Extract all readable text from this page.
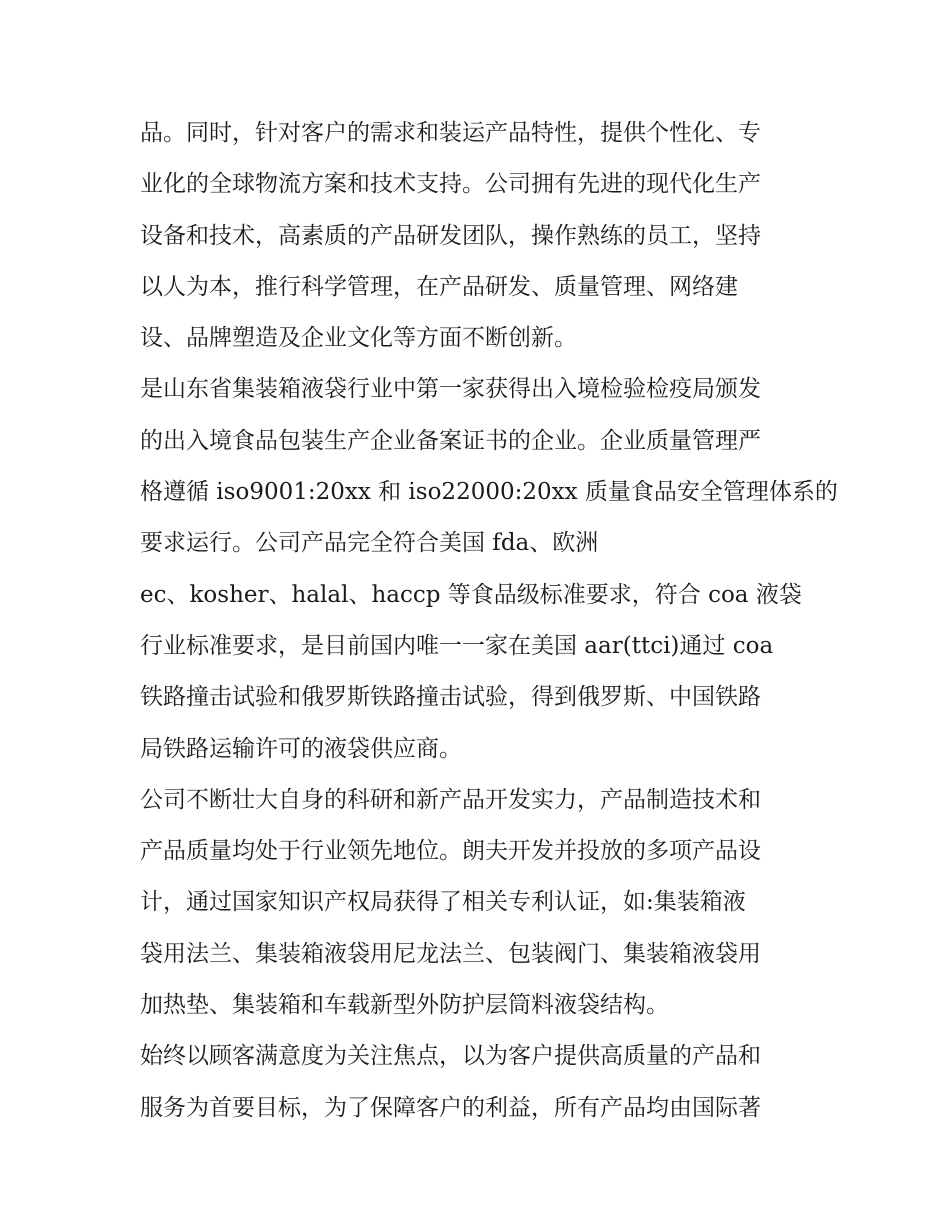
品。同时，针对客户的需求和装运产品特性，提供个性化、专
业化的全球物流方案和技术支持。公司拥有先进的现代化生产
设备和技术，高素质的产品研发团队，操作熟练的员工，坚持
以人为本，推行科学管理，在产品研发、质量管理、网络建
设、品牌塑造及企业文化等方面不断创新。
是山东省集装箱液袋行业中第一家获得出入境检验检疫局颁发
的出入境食品包装生产企业备案证书的企业。企业质量管理严
格遵循 iso9001:20xx 和 iso22000:20xx 质量食品安全管理体系的
要求运行。公司产品完全符合美国 fda、欧洲
ec、kosher、halal、haccp 等食品级标准要求，符合 coa 液袋
行业标准要求，是目前国内唯一一家在美国 aar(ttci)通过 coa
铁路撞击试验和俄罗斯铁路撞击试验，得到俄罗斯、中国铁路
局铁路运输许可的液袋供应商。
公司不断壮大自身的科研和新产品开发实力，产品制造技术和
产品质量均处于行业领先地位。朗夫开发并投放的多项产品设
计，通过国家知识产权局获得了相关专利认证，如:集装箱液
袋用法兰、集装箱液袋用尼龙法兰、包装阀门、集装箱液袋用
加热垫、集装箱和车载新型外防护层筒料液袋结构。
始终以顾客满意度为关注焦点，以为客户提供高质量的产品和
服务为首要目标，为了保障客户的利益，所有产品均由国际著
